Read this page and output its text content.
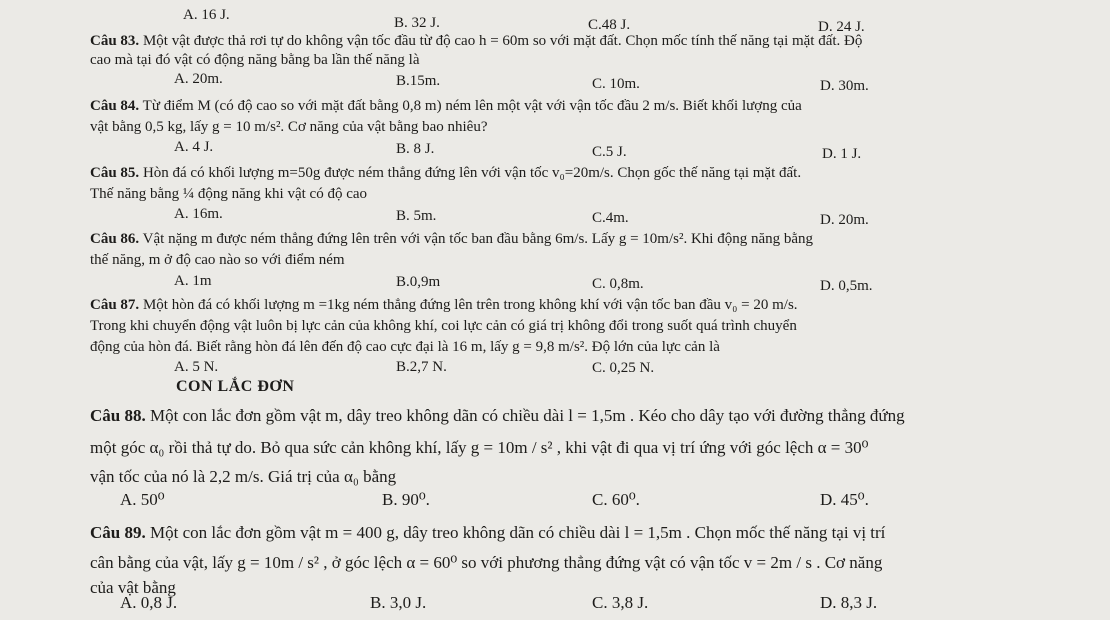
A. 16 J.	B. 32 J.	C.48 J.	D. 24 J.
Câu 83. Một vật được thả rơi tự do không vận tốc đầu từ độ cao h = 60m so với mặt đất. Chọn mốc tính thế năng tại mặt đất. Độ
cao mà tại đó vật có động năng bằng ba lần thế năng là
A. 20m.	B.15m.	C. 10m.	D. 30m.
Câu 84. Từ điểm M (có độ cao so với mặt đất bằng 0,8 m) ném lên một vật với vận tốc đầu 2 m/s. Biết khối lượng của
vật bằng 0,5 kg, lấy g = 10 m/s². Cơ năng của vật bằng bao nhiêu?
A. 4 J.	B. 8 J.	C.5 J.	D. 1 J.
Câu 85. Hòn đá có khối lượng m=50g được ném thẳng đứng lên với vận tốc v₀=20m/s. Chọn gốc thế năng tại mặt đất.
Thế năng bằng ¼ động năng khi vật có độ cao
A. 16m.	B. 5m.	C.4m.	D. 20m.
Câu 86. Vật nặng m được ném thẳng đứng lên trên với vận tốc ban đầu bằng 6m/s. Lấy g = 10m/s². Khi động năng bằng
thế năng, m ở độ cao nào so với điểm ném
A. 1m	B.0,9m	C. 0,8m.	D. 0,5m.
Câu 87. Một hòn đá có khối lượng m =1kg ném thẳng đứng lên trên trong không khí với vận tốc ban đầu v₀ = 20 m/s.
Trong khi chuyển động vật luôn bị lực cản của không khí, coi lực cản có giá trị không đổi trong suốt quá trình chuyển
động của hòn đá. Biết rằng hòn đá lên đến độ cao cực đại là 16 m, lấy g = 9,8 m/s². Độ lớn của lực cản là
A. 5 N.	B.2,7 N.	C. 0,25 N.
CON LẮC ĐƠN
Câu 88. Một con lắc đơn gồm vật m, dây treo không dãn có chiều dài l = 1,5m . Kéo cho dây tạo với đường thẳng đứng
một góc α₀ rồi thả tự do. Bỏ qua sức cản không khí, lấy g = 10m / s² , khi vật đi qua vị trí ứng với góc lệch α = 30⁰
vận tốc của nó là 2,2 m/s. Giá trị của α₀ bằng
A. 50⁰	B. 90⁰.	C. 60⁰.	D. 45⁰.
Câu 89. Một con lắc đơn gồm vật m = 400 g, dây treo không dãn có chiều dài l = 1,5m . Chọn mốc thế năng tại vị trí
cân bằng của vật, lấy g = 10m / s² , ở góc lệch α = 60⁰ so với phương thẳng đứng vật có vận tốc v = 2m / s . Cơ năng
của vật bằng
A. 0,8 J.	B. 3,0 J.	C. 3,8 J.	D. 8,3 J.
